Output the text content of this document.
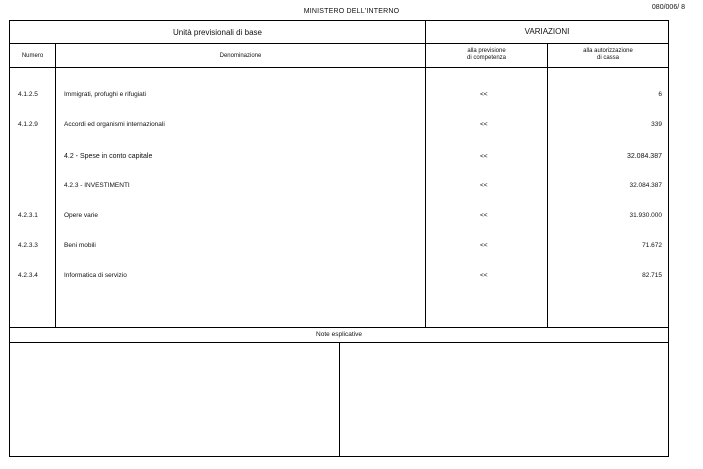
MINISTERO DELL'INTERNO
080/006/ 8
Unità previsionali di base	VARIAZIONI
Numero	Denominazione
alla previsione
di competenza
alla autorizzazione
di cassa
4.1.2.5	Immigrati, profughi e rifugiati	<<	6
4.1.2.9	Accordi ed organismi internazionali	<<	339
4.2 - Spese in conto capitale	<<	32.084.387
4.2.3 - INVESTIMENTI	<<	32.084.387
4.2.3.1	Opere varie	<<	31.930.000
4.2.3.3	Beni mobili	<<	71.672
4.2.3.4	Informatica di servizio	<<	82.715
Note esplicative
